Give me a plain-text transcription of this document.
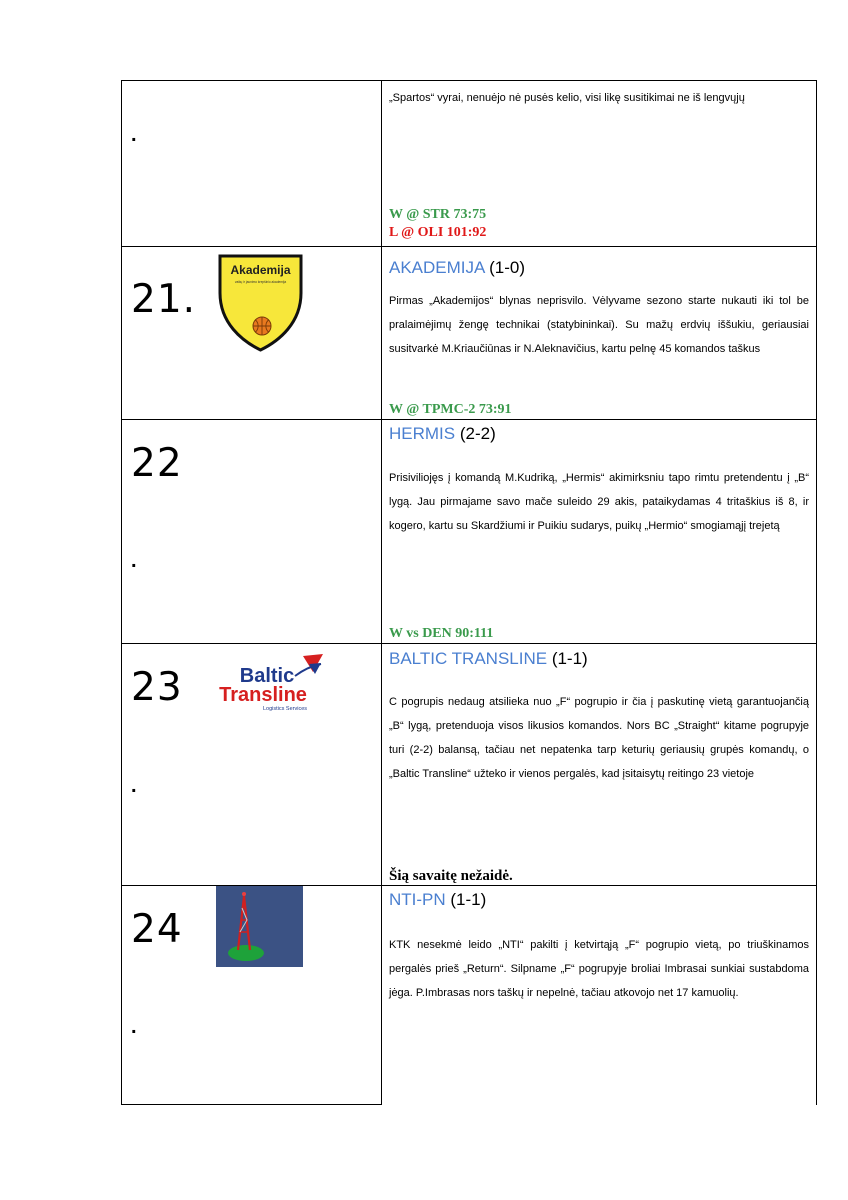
.
„Spartos“ vyrai, nenuėjo nė pusės kelio, visi likę susitikimai ne iš lengvųjų
W @ STR 73:75
L @ OLI 101:92
21.
Akademija
vaikų ir jaunimo krepšinio akademija
AKADEMIJA (1-0)
Pirmas „Akademijos“ blynas neprisvilo. Vėlyvame sezono starte nukauti iki tol be pralaimėjimų žengę technikai (statybininkai). Su mažų erdvių iššukiu, geriausiai susitvarkė M.Kriaučiūnas ir N.Aleknavičius, kartu pelnę 45 komandos taškus
W @ TPMC-2 73:91
22
.
HERMIS (2-2)
Prisiviliojęs į komandą M.Kudriką, „Hermis“ akimirksniu tapo rimtu pretendentu į „B“ lygą. Jau pirmajame savo mače suleido 29 akis, pataikydamas 4 tritaškius iš 8, ir kogero, kartu su Skardžiumi ir Puikiu sudarys, puikų „Hermio“ smogiamąjį trejetą
W vs DEN 90:111
23
.
Baltic
Transline
Logistics Services
BALTIC TRANSLINE (1-1)
C pogrupis nedaug atsilieka nuo „F“ pogrupio ir čia į paskutinę vietą garantuojančią „B“ lygą, pretenduoja visos likusios komandos. Nors BC „Straight“ kitame pogrupyje turi (2-2) balansą, tačiau net nepatenka tarp keturių geriausių grupės komandų, o „Baltic Transline“ užteko ir vienos pergalės, kad įsitaisytų reitingo 23 vietoje
Šią savaitę nežaidė.
24
.
NTI-PN (1-1)
KTK nesekmė leido „NTI“ pakilti į ketvirtąją „F“ pogrupio vietą, po triuškinamos pergalės prieš „Return“. Silpname „F“ pogrupyje broliai Imbrasai sunkiai sustabdoma jėga. P.Imbrasas nors taškų ir nepelnė, tačiau atkovojo net 17 kamuolių.
